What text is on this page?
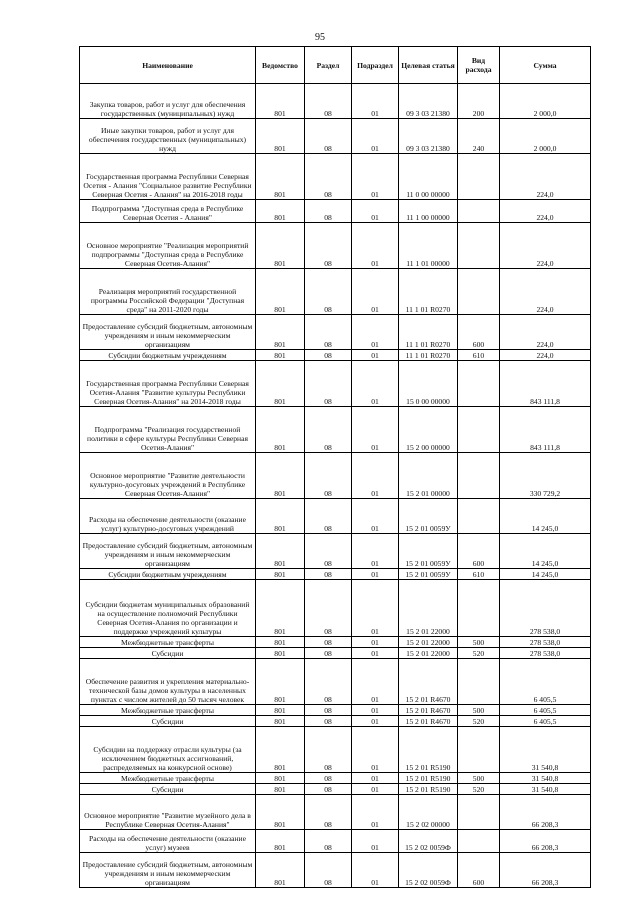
95
Наименование	Ведомство	Раздел	Подраздел	Целевая статья	Вид расхода	Сумма
Закупка товаров, работ и услуг для обеспечения государственных (муниципальных) нужд	801	08	01	09 3 03 21380	200	2 000,0
Иные закупки товаров, работ и услуг для обеспечения государственных (муниципальных) нужд	801	08	01	09 3 03 21380	240	2 000,0
Государственная программа Республики Северная Осетия - Алания "Социальное развитие Республики Северная Осетия - Алания" на 2016-2018 годы	801	08	01	11 0 00 00000		224,0
Подпрограмма "Доступная среда в Республике Северная Осетия - Алания"	801	08	01	11 1 00 00000		224,0
Основное мероприятие "Реализация мероприятий подпрограммы "Доступная среда в Республике Северная Осетия-Алания"	801	08	01	11 1 01 00000		224,0
Реализация мероприятий государственной программы Российской Федерации "Доступная среда" на 2011-2020 годы	801	08	01	11 1 01 R0270		224,0
Предоставление субсидий бюджетным, автономным учреждениям и иным некоммерческим организациям	801	08	01	11 1 01 R0270	600	224,0
Субсидии бюджетным учреждениям	801	08	01	11 1 01 R0270	610	224,0
Государственная программа Республики Северная Осетия-Алания "Развитие культуры Республики Северная Осетия-Алания" на 2014-2018 годы	801	08	01	15 0 00 00000		843 111,8
Подпрограмма "Реализация государственной политики в сфере культуры Республики Северная Осетия-Алания"	801	08	01	15 2 00 00000		843 111,8
Основное мероприятие "Развитие деятельности культурно-досуговых учреждений в Республике Северная Осетия-Алания"	801	08	01	15 2 01 00000		330 729,2
Расходы на обеспечение деятельности (оказание услуг) культурно-досуговых учреждений	801	08	01	15 2 01 0059У		14 245,0
Предоставление субсидий бюджетным, автономным учреждениям и иным некоммерческим организациям	801	08	01	15 2 01 0059У	600	14 245,0
Субсидии бюджетным учреждениям	801	08	01	15 2 01 0059У	610	14 245,0
Субсидии бюджетам муниципальных образований на осуществление полномочий Республики Северная Осетия-Алания по организации и поддержке учреждений культуры	801	08	01	15 2 01 22000		278 538,0
Межбюджетные трансферты	801	08	01	15 2 01 22000	500	278 538,0
Субсидии	801	08	01	15 2 01 22000	520	278 538,0
Обеспечение развития и укрепления материально-технической базы домов культуры в населенных пунктах с числом жителей до 50 тысяч человек	801	08	01	15 2 01 R4670		6 405,5
Межбюджетные трансферты	801	08	01	15 2 01 R4670	500	6 405,5
Субсидии	801	08	01	15 2 01 R4670	520	6 405,5
Субсидии на поддержку отрасли культуры (за исключением бюджетных ассигнований, распределяемых на конкурсной основе)	801	08	01	15 2 01 R5190		31 540,8
Межбюджетные трансферты	801	08	01	15 2 01 R5190	500	31 540,8
Субсидии	801	08	01	15 2 01 R5190	520	31 540,8
Основное мероприятие "Развитие музейного дела в Республике Северная Осетия-Алания"	801	08	01	15 2 02 00000		66 208,3
Расходы на обеспечение деятельности (оказание услуг) музеев	801	08	01	15 2 02 0059Ф		66 208,3
Предоставление субсидий бюджетным, автономным учреждениям и иным некоммерческим организациям	801	08	01	15 2 02 0059Ф	600	66 208,3
